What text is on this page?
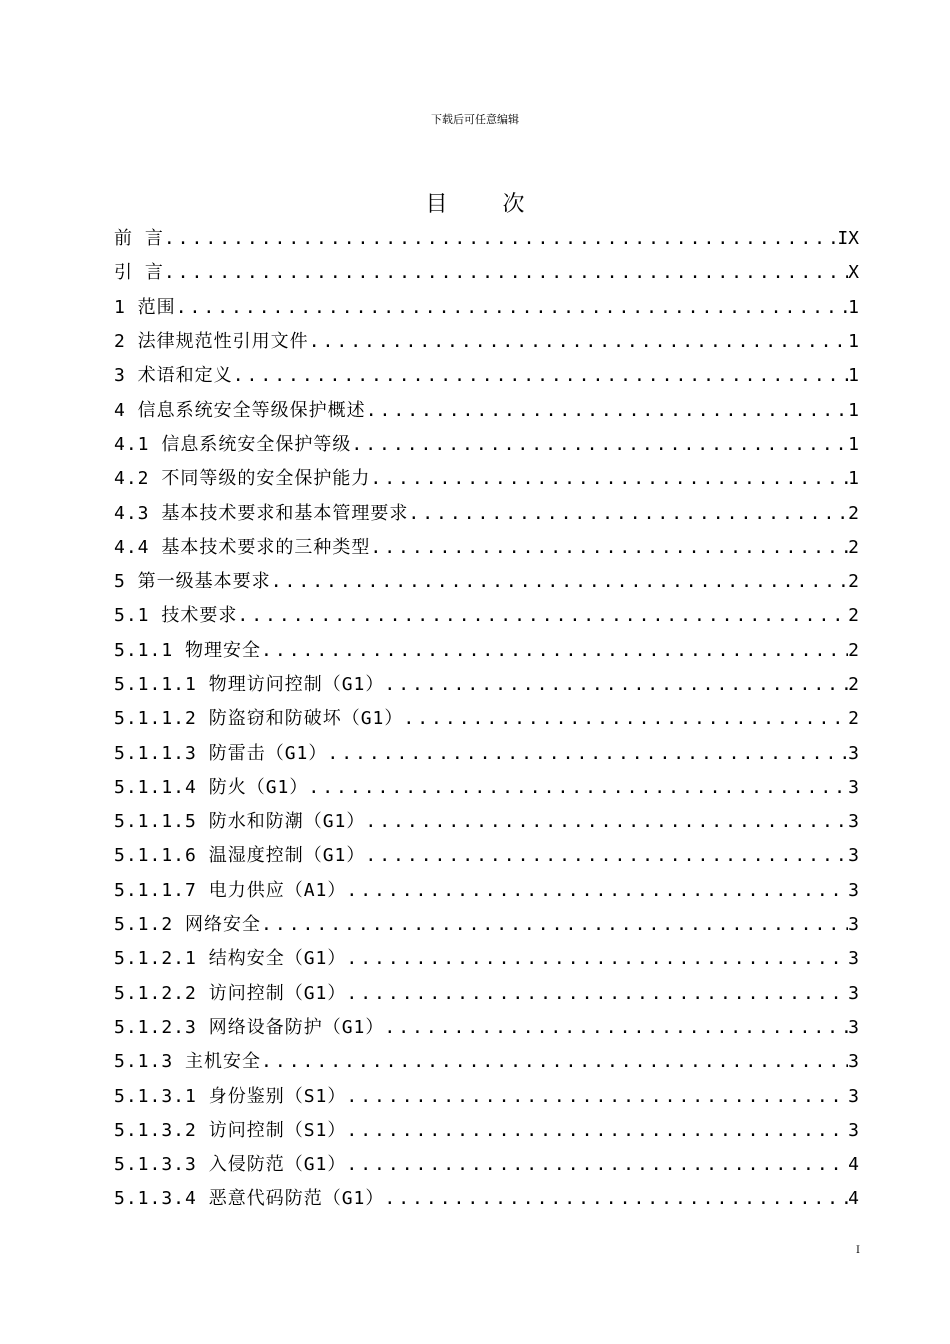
下载后可任意编辑
目 次
前 言 .....	IX
引 言 .....	X
1 范围 .....	1
2 法律规范性引用文件 .....	1
3 术语和定义 .....	1
4 信息系统安全等级保护概述 .....	1
4.1 信息系统安全保护等级 .....	1
4.2 不同等级的安全保护能力 .....	1
4.3 基本技术要求和基本管理要求 .....	2
4.4 基本技术要求的三种类型 .....	2
5 第一级基本要求 .....	2
5.1 技术要求 .....	2
5.1.1 物理安全 .....	2
5.1.1.1 物理访问控制（G1） .....	2
5.1.1.2 防盗窃和防破坏（G1） .....	2
5.1.1.3 防雷击（G1） .....	3
5.1.1.4 防火（G1） .....	3
5.1.1.5 防水和防潮（G1） .....	3
5.1.1.6 温湿度控制（G1） .....	3
5.1.1.7 电力供应（A1） .....	3
5.1.2 网络安全 .....	3
5.1.2.1 结构安全（G1） .....	3
5.1.2.2 访问控制（G1） .....	3
5.1.2.3 网络设备防护（G1） .....	3
5.1.3 主机安全 .....	3
5.1.3.1 身份鉴别（S1） .....	3
5.1.3.2 访问控制（S1） .....	3
5.1.3.3 入侵防范（G1） .....	4
5.1.3.4 恶意代码防范（G1） .....	4
I
